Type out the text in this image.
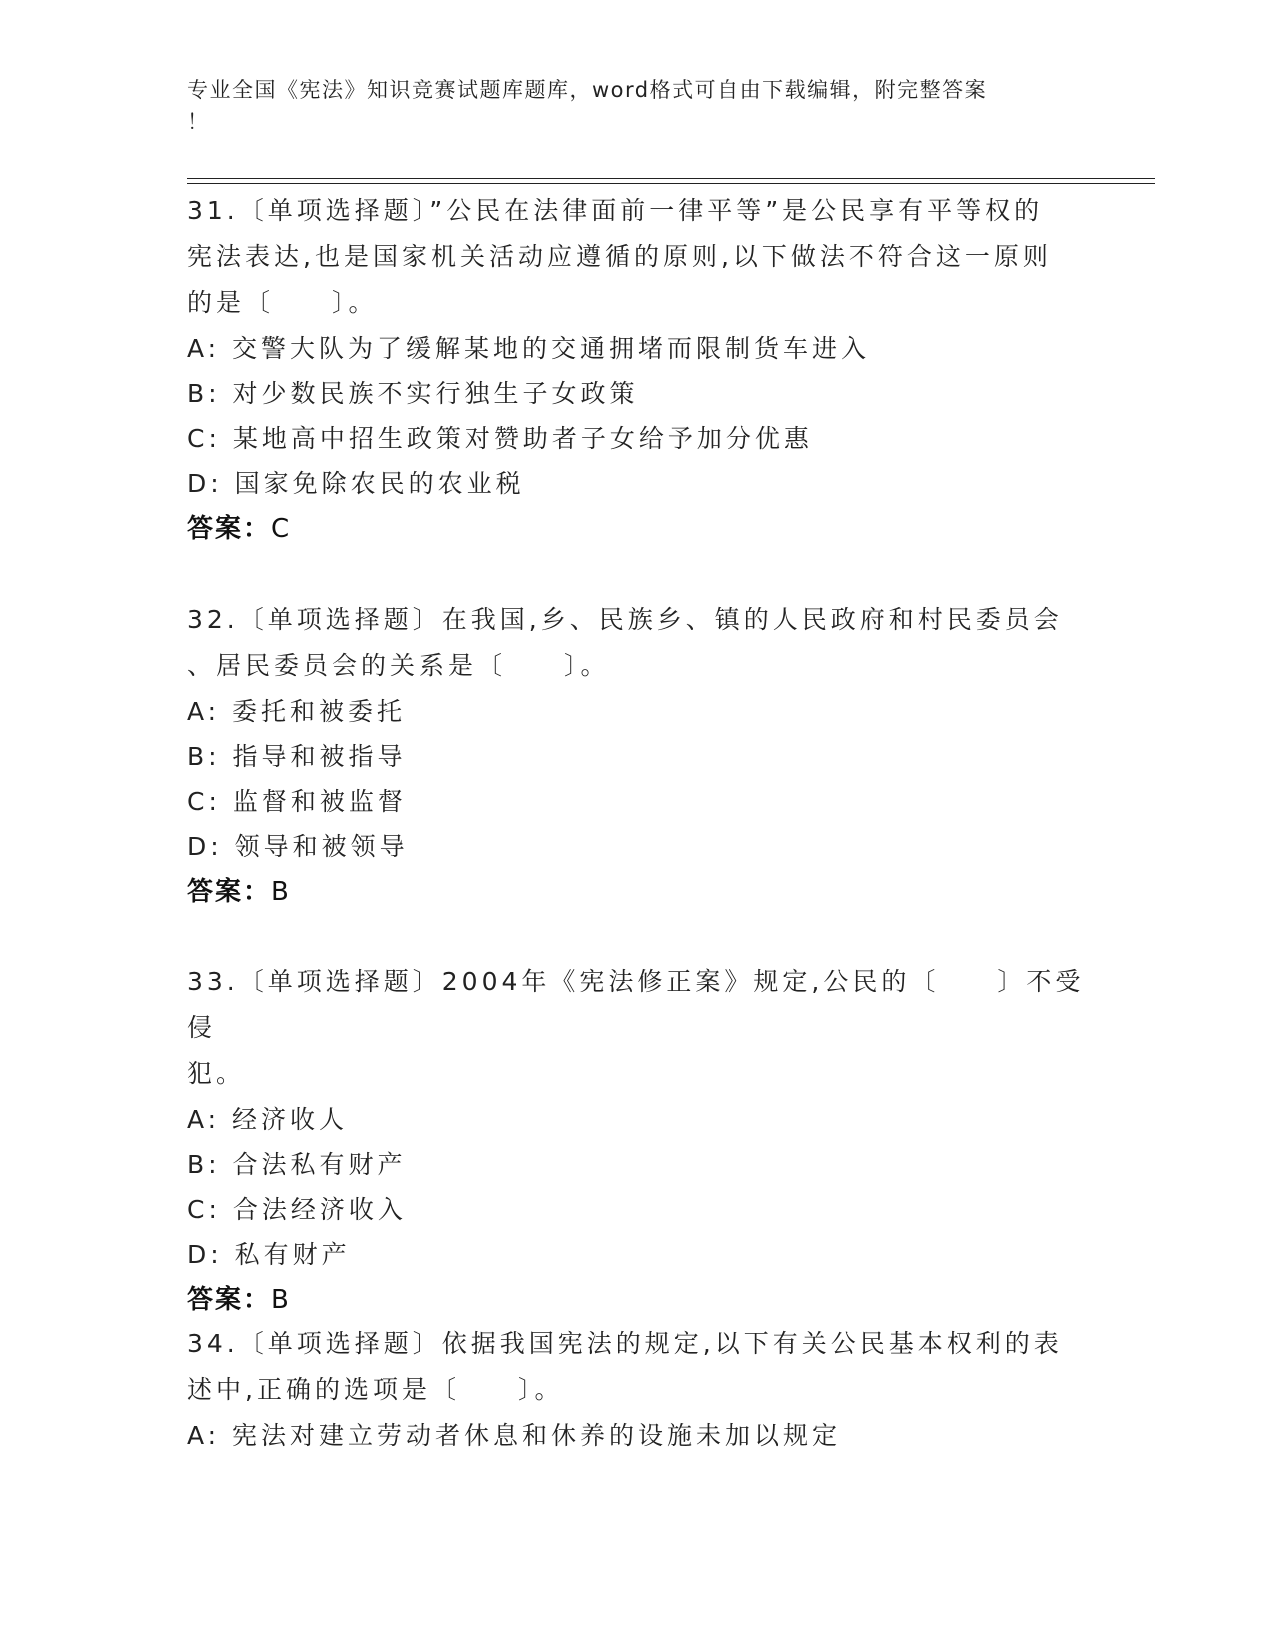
专业全国《宪法》知识竞赛试题库题库，word格式可自由下载编辑，附完整答案
！
31.〔单项选择题〕”公民在法律面前一律平等”是公民享有平等权的
宪法表达,也是国家机关活动应遵循的原则,以下做法不符合这一原则
的是〔　　〕。
A: 交警大队为了缓解某地的交通拥堵而限制货车进入
B: 对少数民族不实行独生子女政策
C: 某地高中招生政策对赞助者子女给予加分优惠
D: 国家免除农民的农业税
答案：C
32.〔单项选择题〕在我国,乡、民族乡、镇的人民政府和村民委员会
、居民委员会的关系是〔　　〕。
A: 委托和被委托
B: 指导和被指导
C: 监督和被监督
D: 领导和被领导
答案：B
33.〔单项选择题〕2004年《宪法修正案》规定,公民的〔　　〕不受侵
犯。
A: 经济收人
B: 合法私有财产
C: 合法经济收入
D: 私有财产
答案：B
34.〔单项选择题〕依据我国宪法的规定,以下有关公民基本权利的表
述中,正确的选项是〔　　〕。
A: 宪法对建立劳动者休息和休养的设施未加以规定
